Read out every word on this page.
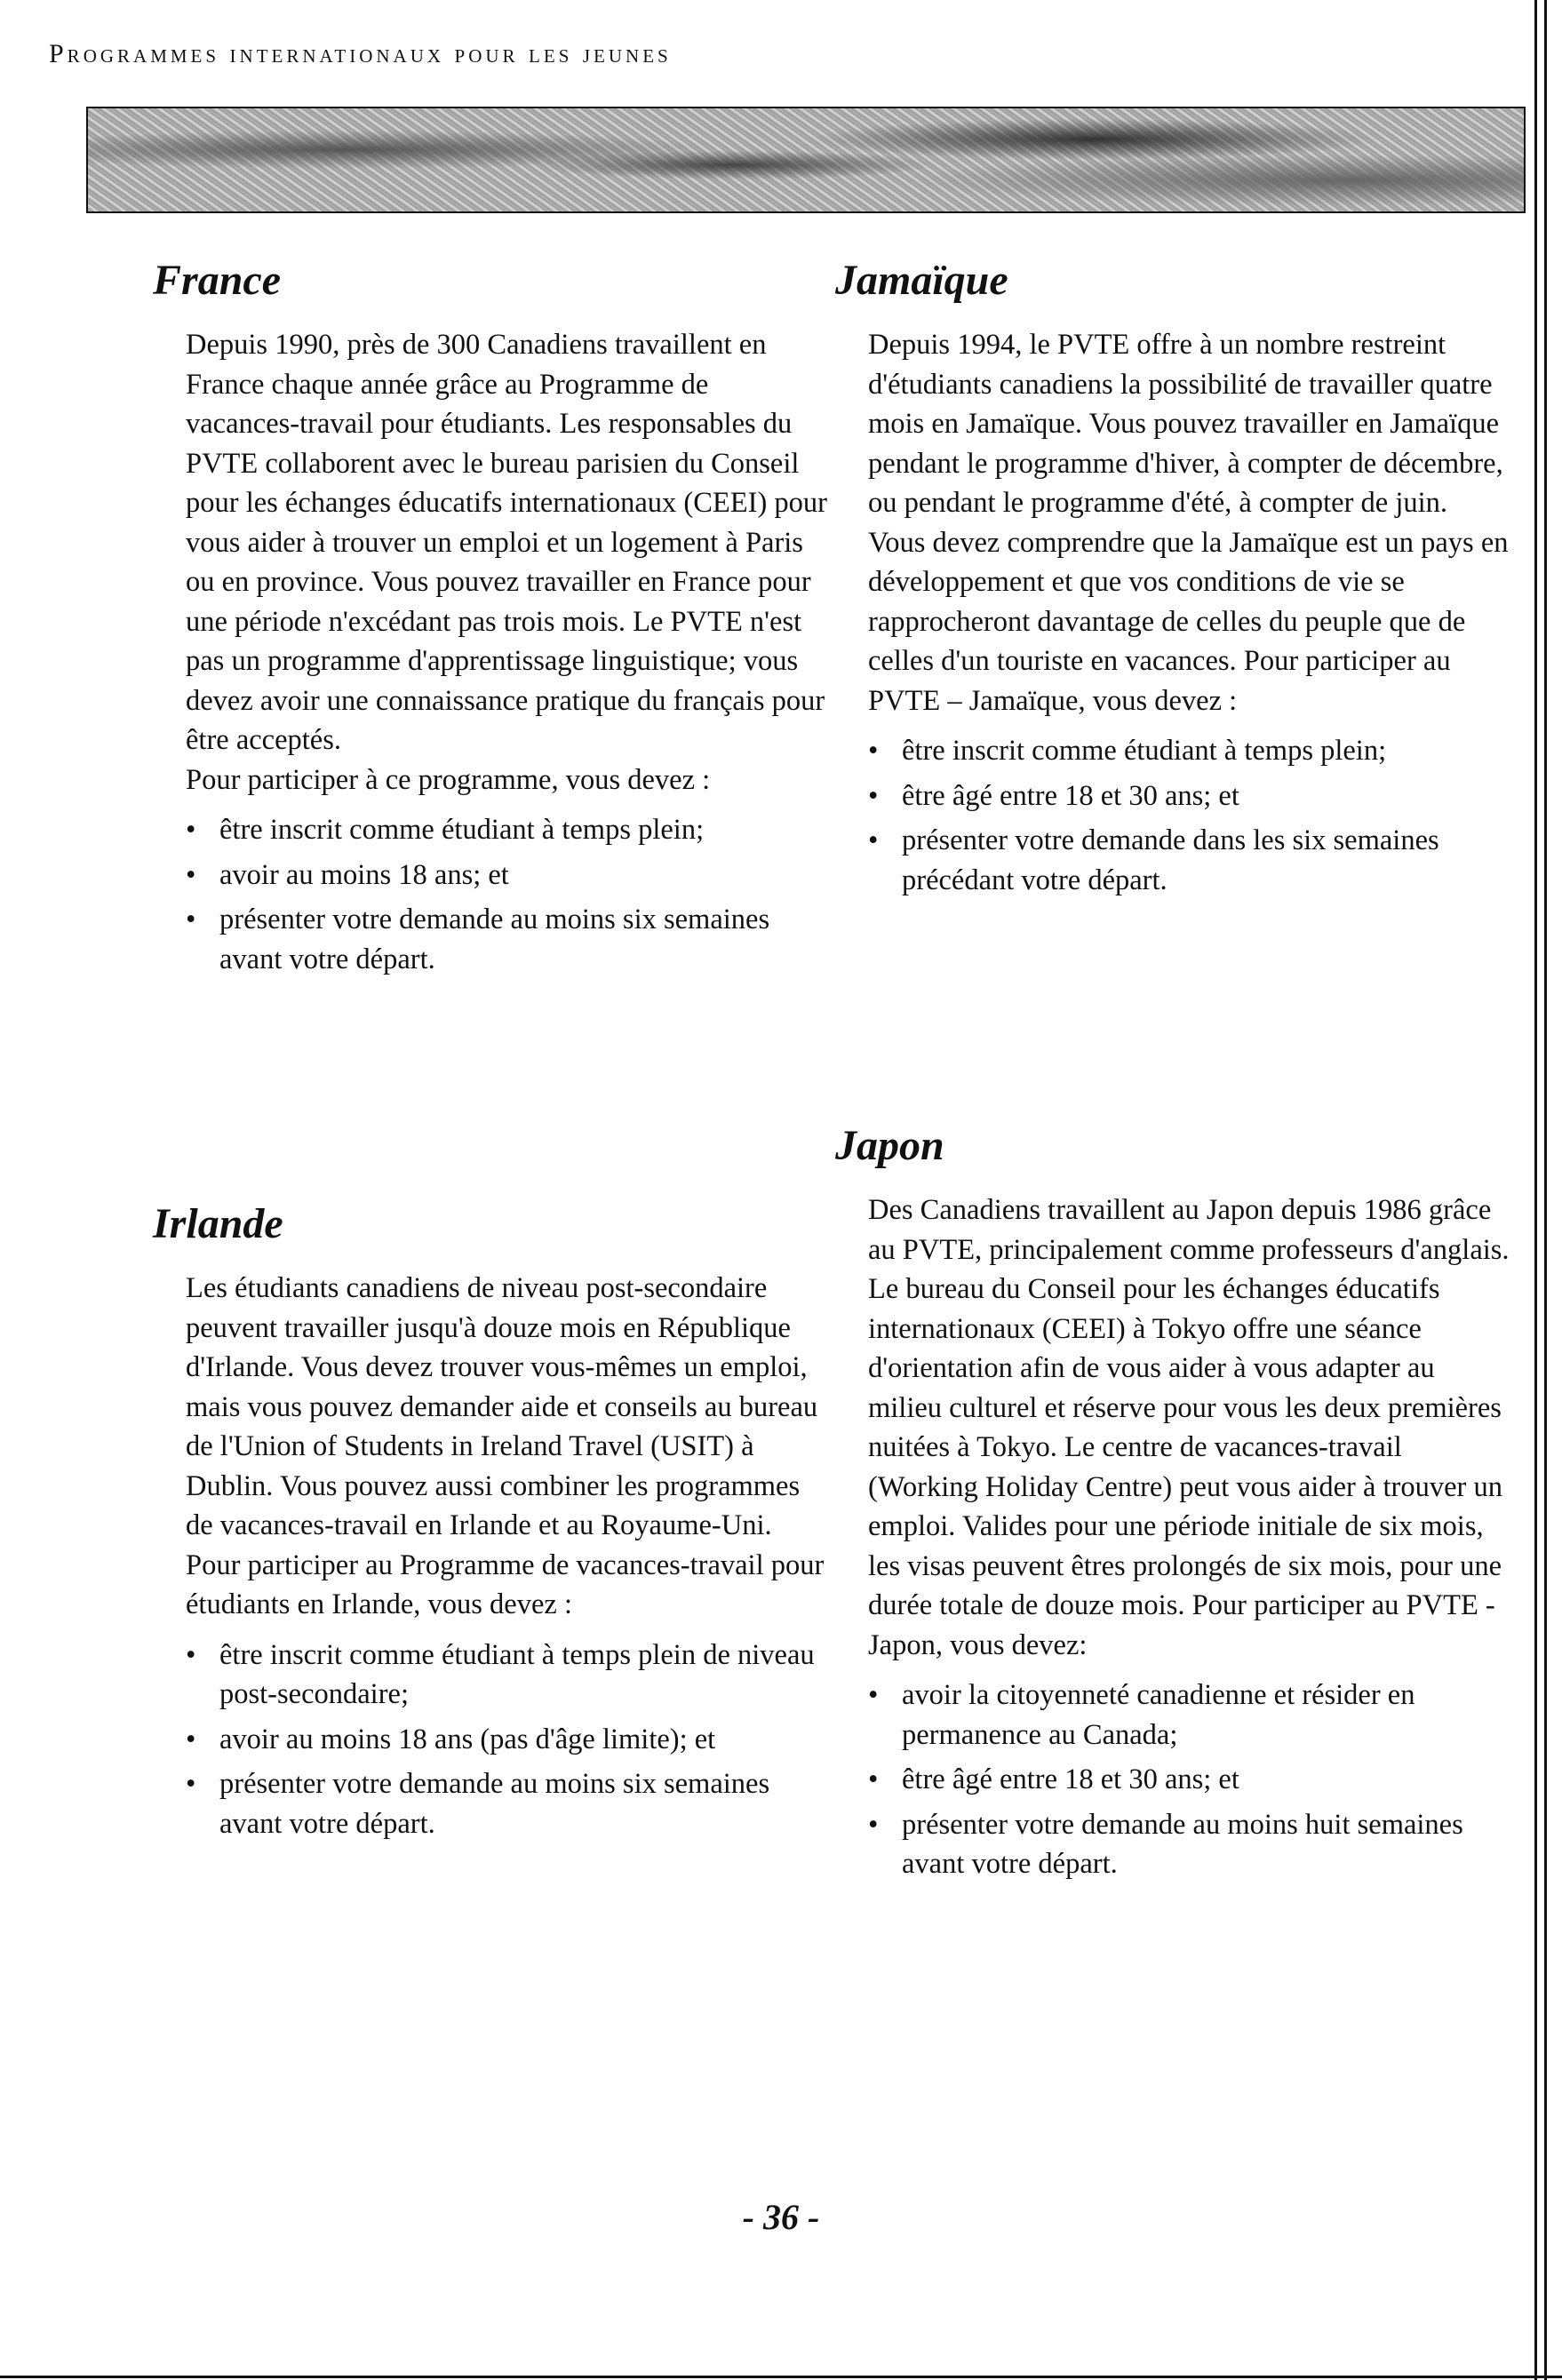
Programmes internationaux pour les jeunes
France

Depuis 1990, près de 300 Canadiens travaillent en France chaque année grâce au Programme de vacances-travail pour étudiants. Les responsables du PVTE collaborent avec le bureau parisien du Conseil pour les échanges éducatifs internationaux (CEEI) pour vous aider à trouver un emploi et un logement à Paris ou en province. Vous pouvez travailler en France pour une période n'excédant pas trois mois. Le PVTE n'est pas un programme d'apprentissage linguistique; vous devez avoir une connaissance pratique du français pour être acceptés.

Pour participer à ce programme, vous devez :

• être inscrit comme étudiant à temps plein;
• avoir au moins 18 ans; et
• présenter votre demande au moins six semaines avant votre départ.
Irlande

Les étudiants canadiens de niveau post-secondaire peuvent travailler jusqu'à douze mois en République d'Irlande. Vous devez trouver vous-mêmes un emploi, mais vous pouvez demander aide et conseils au bureau de l'Union of Students in Ireland Travel (USIT) à Dublin. Vous pouvez aussi combiner les programmes de vacances-travail en Irlande et au Royaume-Uni. Pour participer au Programme de vacances-travail pour étudiants en Irlande, vous devez :

• être inscrit comme étudiant à temps plein de niveau post-secondaire;
• avoir au moins 18 ans (pas d'âge limite); et
• présenter votre demande au moins six semaines avant votre départ.
Jamaïque

Depuis 1994, le PVTE offre à un nombre restreint d'étudiants canadiens la possibilité de travailler quatre mois en Jamaïque. Vous pouvez travailler en Jamaïque pendant le programme d'hiver, à compter de décembre, ou pendant le programme d'été, à compter de juin. Vous devez comprendre que la Jamaïque est un pays en développement et que vos conditions de vie se rapprocheront davantage de celles du peuple que de celles d'un touriste en vacances. Pour participer au PVTE – Jamaïque, vous devez :

• être inscrit comme étudiant à temps plein;
• être âgé entre 18 et 30 ans; et
• présenter votre demande dans les six semaines précédant votre départ.
Japon

Des Canadiens travaillent au Japon depuis 1986 grâce au PVTE, principalement comme professeurs d'anglais. Le bureau du Conseil pour les échanges éducatifs internationaux (CEEI) à Tokyo offre une séance d'orientation afin de vous aider à vous adapter au milieu culturel et réserve pour vous les deux premières nuitées à Tokyo. Le centre de vacances-travail (Working Holiday Centre) peut vous aider à trouver un emploi. Valides pour une période initiale de six mois, les visas peuvent êtres prolongés de six mois, pour une durée totale de douze mois. Pour participer au PVTE - Japon, vous devez:

• avoir la citoyenneté canadienne et résider en permanence au Canada;
• être âgé entre 18 et 30 ans; et
• présenter votre demande au moins huit semaines avant votre départ.
- 36 -
